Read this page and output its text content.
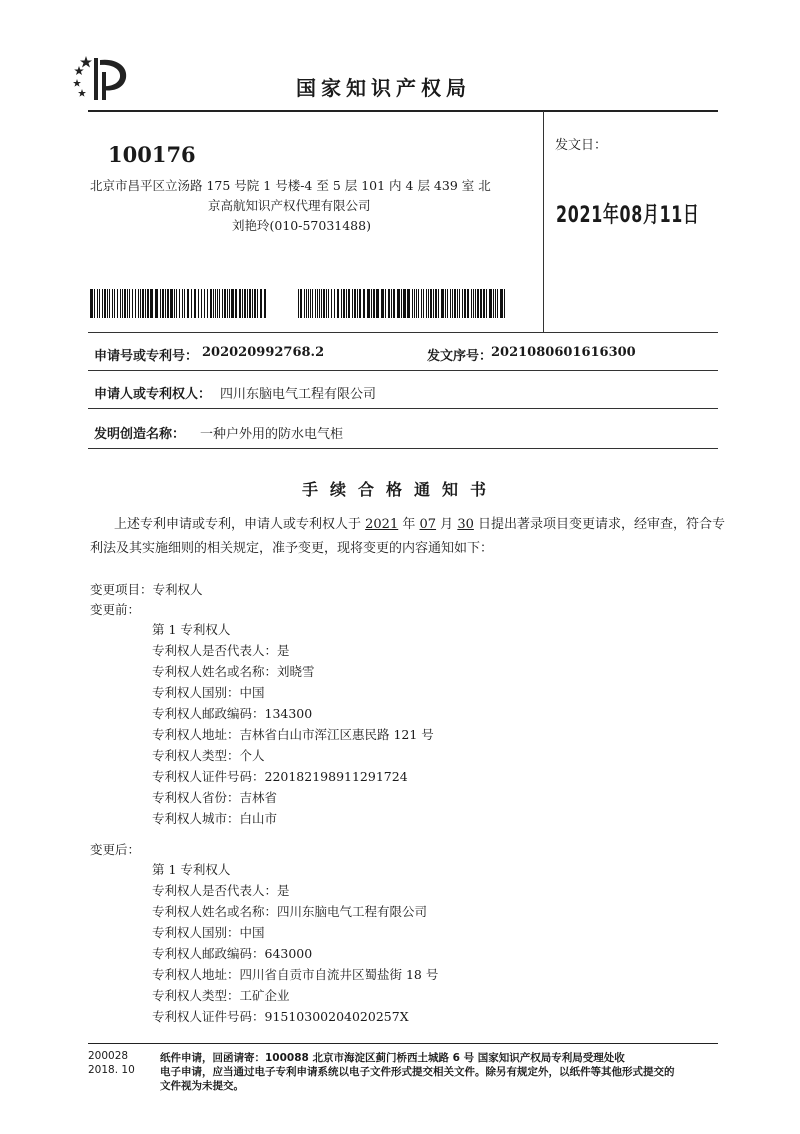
国家知识产权局
100176
北京市昌平区立汤路 175 号院 1 号楼-4 至 5 层 101 内 4 层 439 室 北
京高航知识产权代理有限公司
刘艳玲(010-57031488)
发文日：
2021年08月11日
申请号或专利号： 202020992768.2	发文序号：
2021080601616300
申请人或专利权人： 四川东脑电气工程有限公司
发明创造名称： 一种户外用的防水电气柜
手续合格通知书
上述专利申请或专利，申请人或专利权人于 2021 年 07 月 30 日提出著录项目变更请求，经审查，符合专
利法及其实施细则的相关规定，准予变更，现将变更的内容通知如下：
变更项目：专利权人
变更前：
第 1 专利权人
专利权人是否代表人：是
专利权人姓名或名称：刘晓雪
专利权人国别：中国
专利权人邮政编码：134300
专利权人地址：吉林省白山市浑江区惠民路 121 号
专利权人类型：个人
专利权人证件号码：220182198911291724
专利权人省份：吉林省
专利权人城市：白山市
变更后：
第 1 专利权人
专利权人是否代表人：是
专利权人姓名或名称：四川东脑电气工程有限公司
专利权人国别：中国
专利权人邮政编码：643000
专利权人地址：四川省自贡市自流井区蜀盐街 18 号
专利权人类型：工矿企业
专利权人证件号码：91510300204020257X
200028
2018. 10
纸件申请，回函请寄：100088 北京市海淀区蓟门桥西土城路 6 号 国家知识产权局专利局受理处收
电子申请，应当通过电子专利申请系统以电子文件形式提交相关文件。除另有规定外，以纸件等其他形式提交的
文件视为未提交。
